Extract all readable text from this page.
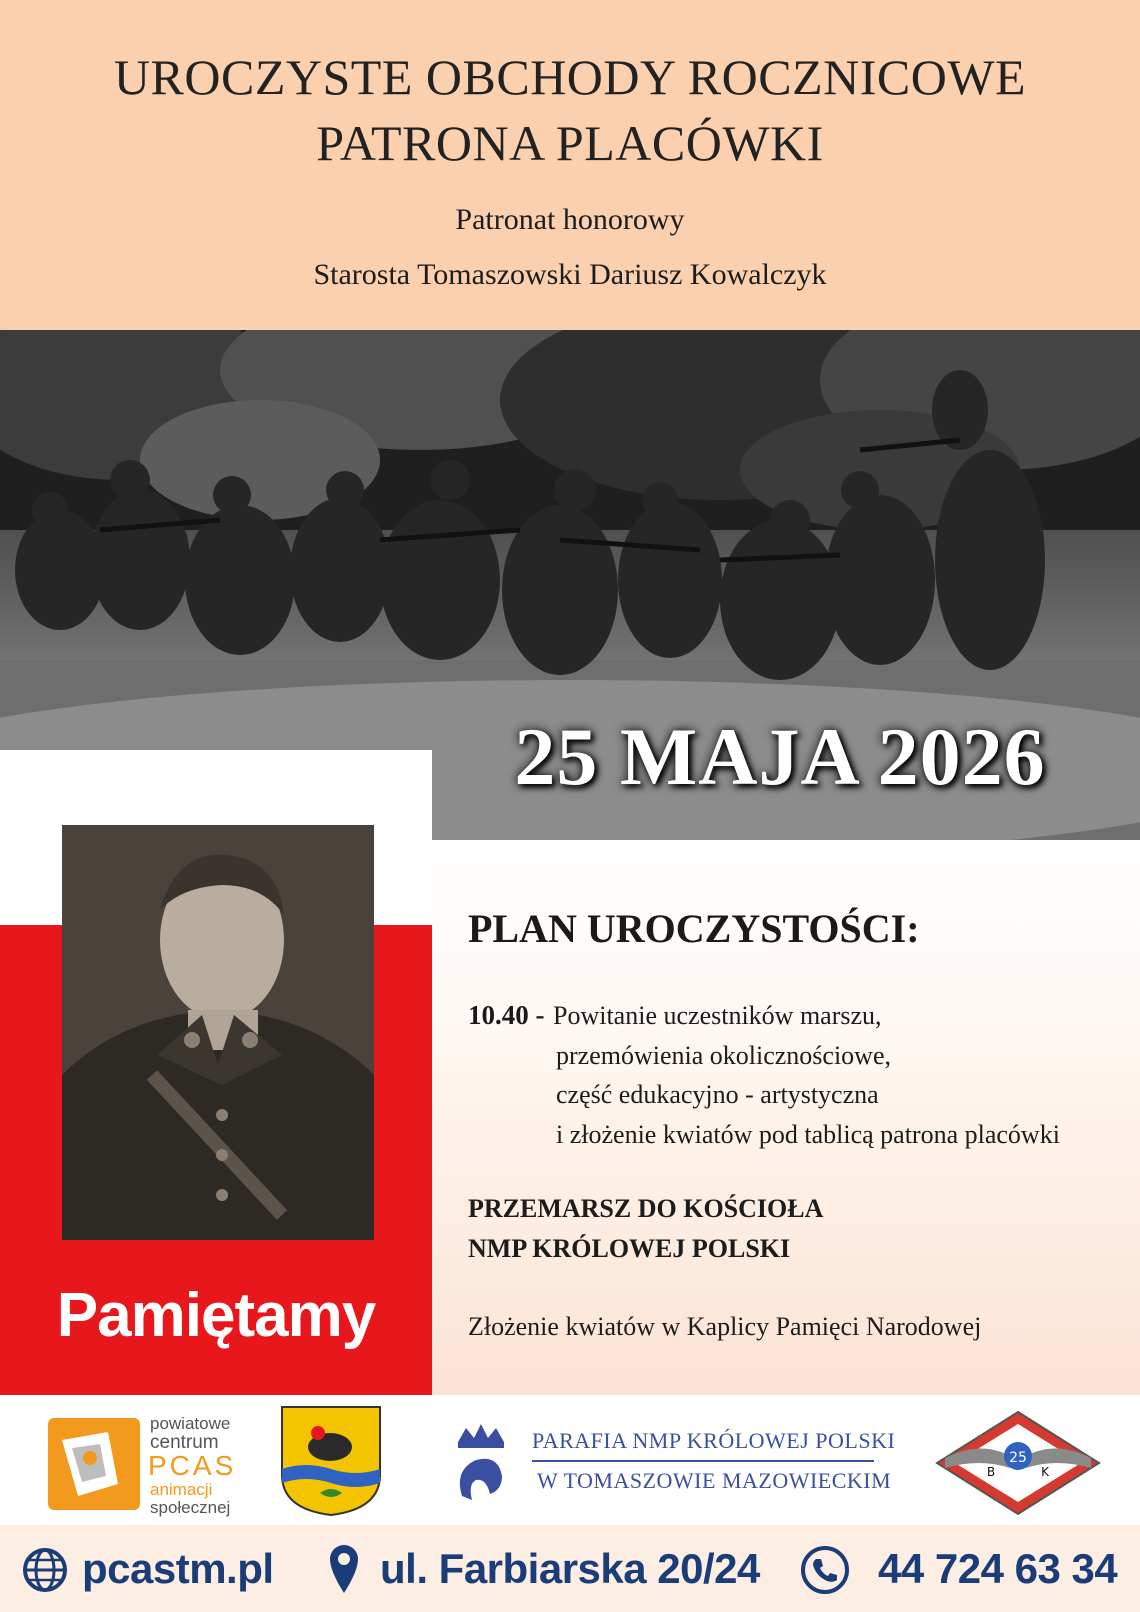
UROCZYSTE OBCHODY ROCZNICOWE
PATRONA PLACÓWKI
Patronat honorowy
Starosta Tomaszowski Dariusz Kowalczyk
25 MAJA 2026
Pamiętamy
PLAN UROCZYSTOŚCI:
10.40 - Powitanie uczestników marszu,
przemówienia okolicznościowe,
część edukacyjno - artystyczna
i złożenie kwiatów pod tablicą patrona placówki
PRZEMARSZ DO KOŚCIOŁA
NMP KRÓLOWEJ POLSKI
Złożenie kwiatów w Kaplicy Pamięci Narodowej
powiatowe
centrum
PCAS
animacji
społecznej
PARAFIA NMP KRÓLOWEJ POLSKI
W TOMASZOWIE MAZOWIECKIM
25
B	K
pcastm.pl	ul. Farbiarska 20/24	44 724 63 34
